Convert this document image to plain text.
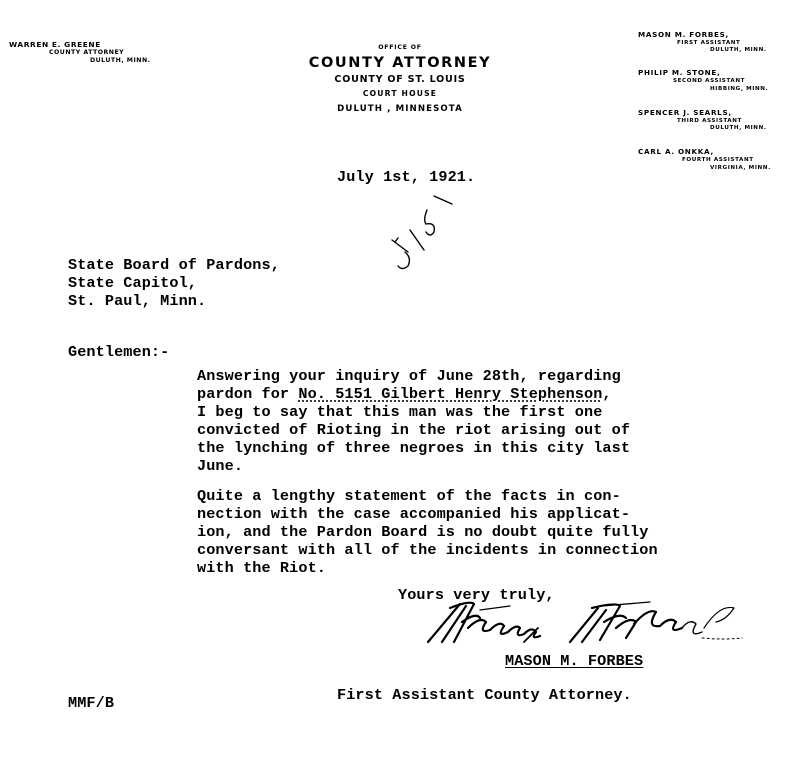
WARREN E. GREENE
COUNTY ATTORNEY
DULUTH, MINN.
OFFICE OF
COUNTY ATTORNEY
COUNTY OF ST. LOUIS
COURT HOUSE
DULUTH , MINNESOTA
MASON M. FORBES,
FIRST ASSISTANT
DULUTH, MINN.
PHILIP M. STONE,
SECOND ASSISTANT
HIBBING, MINN.
SPENCER J. SEARLS,
THIRD ASSISTANT
DULUTH, MINN.
CARL A. ONKKA,
FOURTH ASSISTANT
VIRGINIA, MINN.
July 1st, 1921.
State Board of Pardons,
State Capitol,
St. Paul, Minn.
Gentlemen:-
Answering your inquiry of June 28th, regarding
pardon for No. 5151 Gilbert Henry Stephenson,
I beg to say that this man was the first one
convicted of Rioting in the riot arising out of
the lynching of three negroes in this city last
June.
Quite a lengthy statement of the facts in con-
nection with the case accompanied his applicat-
ion, and the Pardon Board is no doubt quite fully
conversant with all of the incidents in connection
with the Riot.
Yours very truly,
MASON M. FORBES
First Assistant County Attorney.
MMF/B
